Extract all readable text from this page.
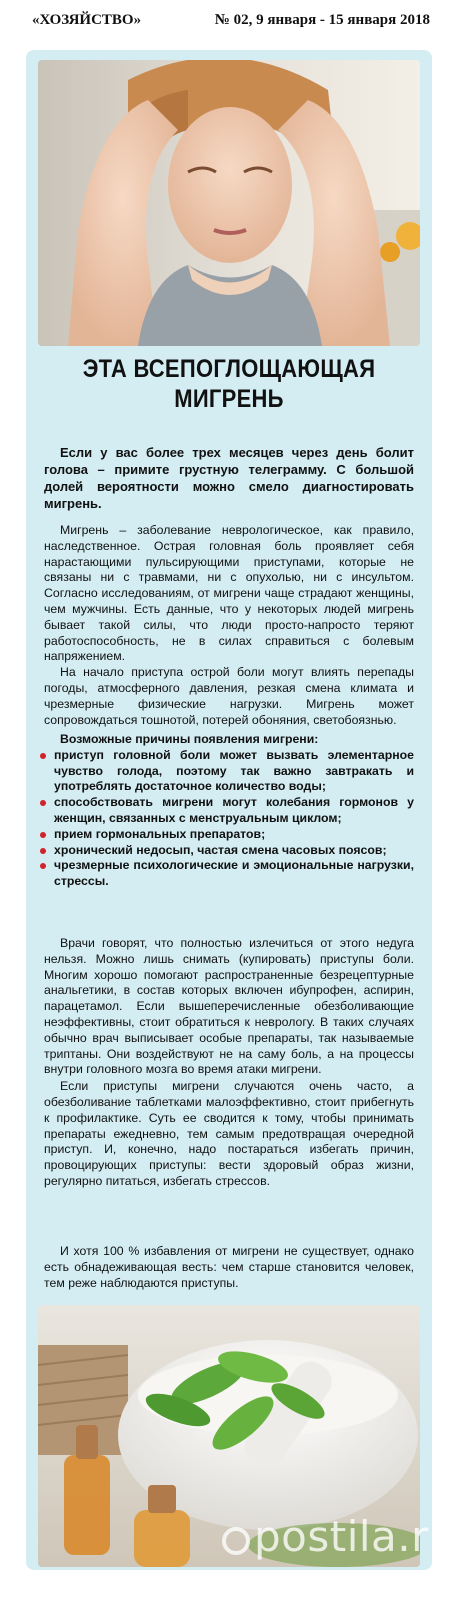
«ХОЗЯЙСТВО»	№ 02, 9 января - 15 января 2018
ЭТА ВСЕПОГЛОЩАЮЩАЯ МИГРЕНЬ

Если у вас более трех месяцев через день болит голова – примите грустную телеграмму. С большой долей вероятности можно смело диагностировать мигрень.

Мигрень – заболевание неврологическое, как правило, наследственное. Острая головная боль проявляет себя нарастающими пульсирующими приступами, которые не связаны ни с травмами, ни с опухолью, ни с инсультом. Согласно исследованиям, от мигрени чаще страдают женщины, чем мужчины. Есть данные, что у некоторых людей мигрень бывает такой силы, что люди просто-напросто теряют работоспособность, не в силах справиться с болевым напряжением.

На начало приступа острой боли могут влиять перепады погоды, атмосферного давления, резкая смена климата и чрезмерные физические нагрузки. Мигрень может сопровождаться тошнотой, потерей обоняния, светобоязнью.

Возможные причины появления мигрени:

приступ головной боли может вызвать элементарное чувство голода, поэтому так важно завтракать и употреблять достаточное количество воды;
способствовать мигрени могут колебания гормонов у женщин, связанных с менструальным циклом;
прием гормональных препаратов;
хронический недосып, частая смена часовых поясов;
чрезмерные психологические и эмоциональные нагрузки, стрессы.

Врачи говорят, что полностью излечиться от этого недуга нельзя. Можно лишь снимать (купировать) приступы боли. Многим хорошо помогают распространенные безрецептурные анальгетики, в состав которых включен ибупрофен, аспирин, парацетамол. Если вышеперечисленные обезболивающие неэффективны, стоит обратиться к неврологу. В таких случаях обычно врач выписывает особые препараты, так называемые триптаны. Они воздействуют не на саму боль, а на процессы внутри головного мозга во время атаки мигрени.

Если приступы мигрени случаются очень часто, а обезболивание таблетками малоэффективно, стоит прибегнуть к профилактике. Суть ее сводится к тому, чтобы принимать препараты ежедневно, тем самым предотвращая очередной приступ. И, конечно, надо постараться избегать причин, провоцирующих приступы: вести здоровый образ жизни, регулярно питаться, избегать стрессов.

И хотя 100 % избавления от мигрени не существует, однако есть обнадеживающая весть: чем старше становится человек, тем реже наблюдаются приступы.

postila.ru
